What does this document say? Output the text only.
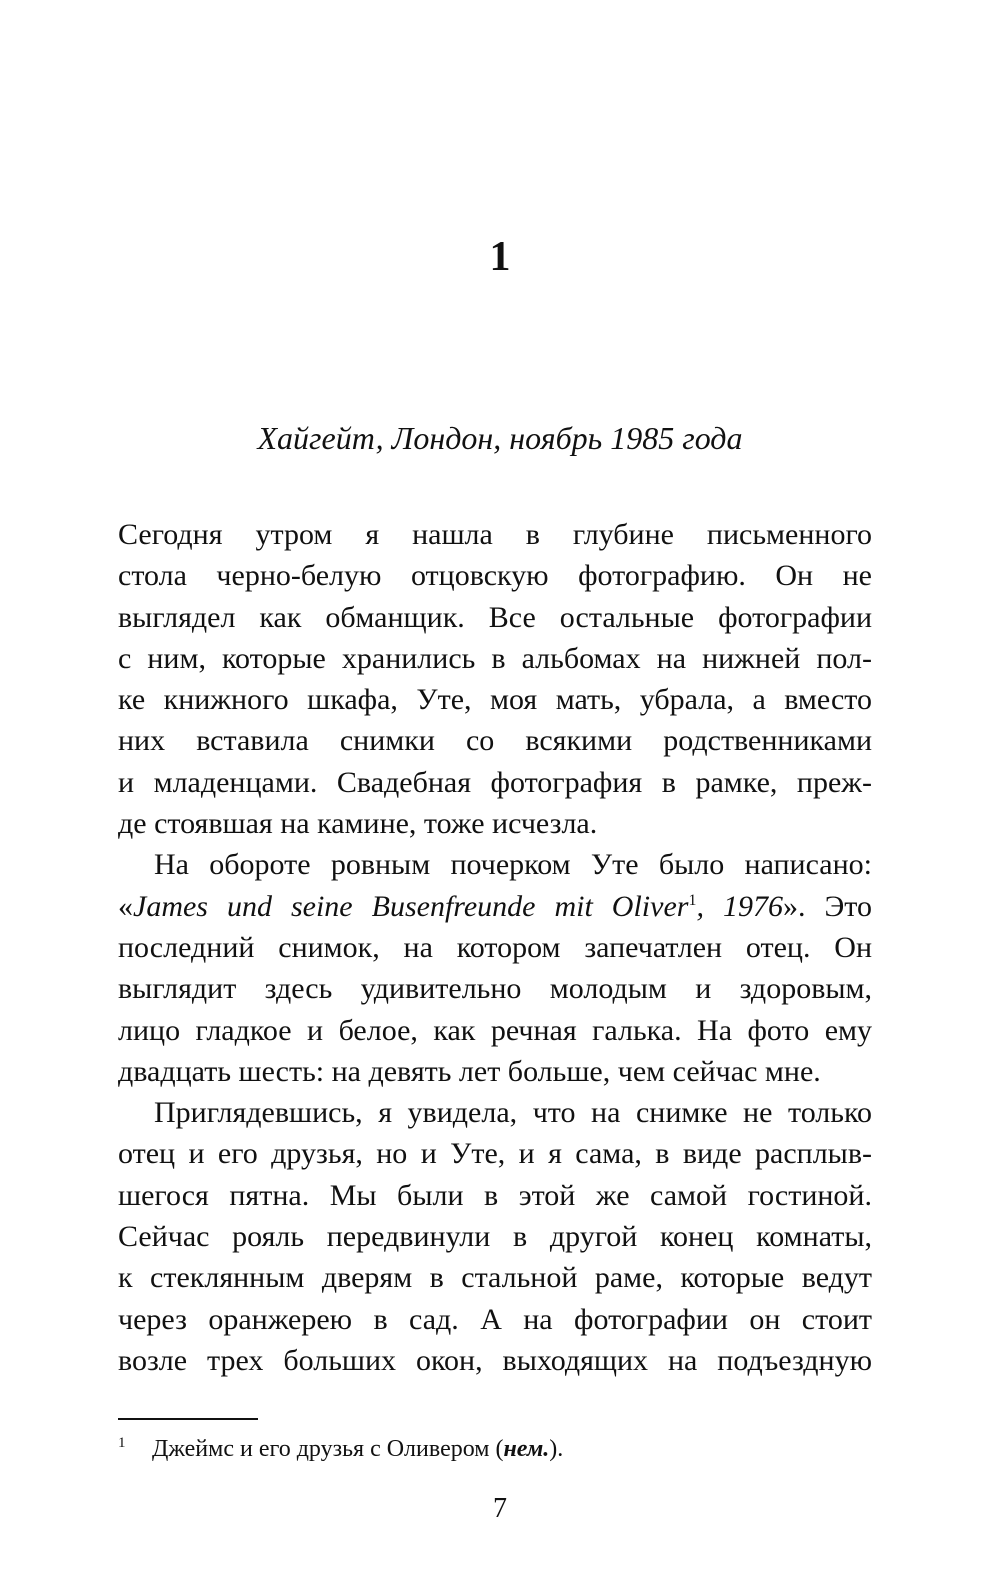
1
Хайгейт, Лондон, ноябрь 1985 года

Сегодня утром я нашла в глубине письменного
стола черно-белую отцовскую фотографию. Он не
выглядел как обманщик. Все остальные фотографии
с ним, которые хранились в альбомах на нижней пол-
ке книжного шкафа, Уте, моя мать, убрала, а вместо
них вставила снимки со всякими родственниками
и младенцами. Свадебная фотография в рамке, преж-
де стоявшая на камине, тоже исчезла.

На обороте ровным почерком Уте было написано:
«James und seine Busenfreunde mit Oliver$^1$, 1976». Это
последний снимок, на котором запечатлен отец. Он
выглядит здесь удивительно молодым и здоровым,
лицо гладкое и белое, как речная галька. На фото ему
двадцать шесть: на девять лет больше, чем сейчас мне.

Приглядевшись, я увидела, что на снимке не только
отец и его друзья, но и Уте, и я сама, в виде расплыв-
шегося пятна. Мы были в этой же самой гостиной.
Сейчас рояль передвинули в другой конец комнаты,
к стеклянным дверям в стальной раме, которые ведут
через оранжерею в сад. А на фотографии он стоит
возле трех больших окон, выходящих на подъездную

1 Джеймс и его друзья с Оливером (нем.).
7
